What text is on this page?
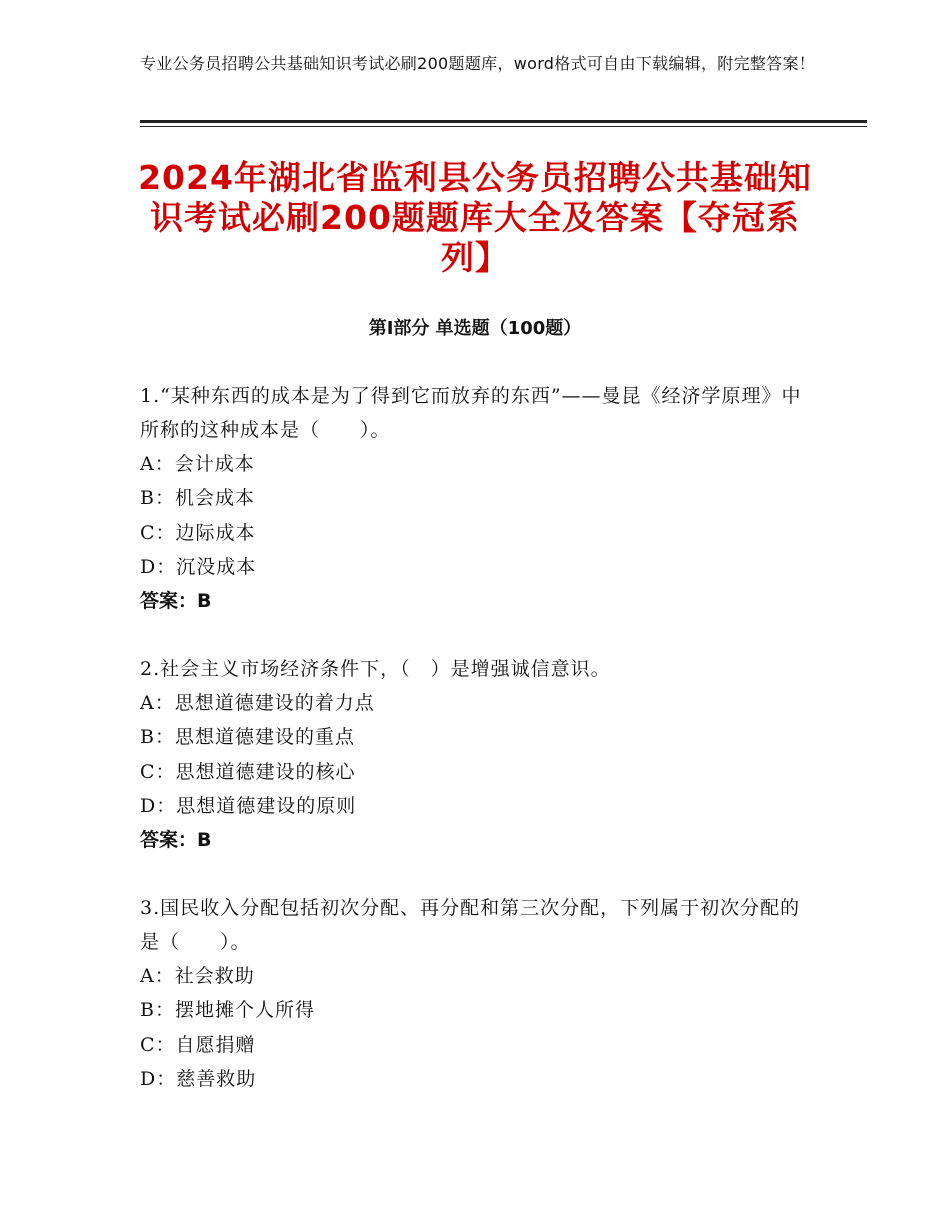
专业公务员招聘公共基础知识考试必刷200题题库，word格式可自由下载编辑，附完整答案！
2024年湖北省监利县公务员招聘公共基础知识考试必刷200题题库大全及答案【夺冠系列】
第Ⅰ部分 单选题（100题）
1.“某种东西的成本是为了得到它而放弃的东西”——曼昆《经济学原理》中所称的这种成本是（　　）。
A：会计成本
B：机会成本
C：边际成本
D：沉没成本
答案：B
2.社会主义市场经济条件下，（　）是增强诚信意识。
A：思想道德建设的着力点
B：思想道德建设的重点
C：思想道德建设的核心
D：思想道德建设的原则
答案：B
3.国民收入分配包括初次分配、再分配和第三次分配，下列属于初次分配的是（　　）。
A：社会救助
B：摆地摊个人所得
C：自愿捐赠
D：慈善救助
